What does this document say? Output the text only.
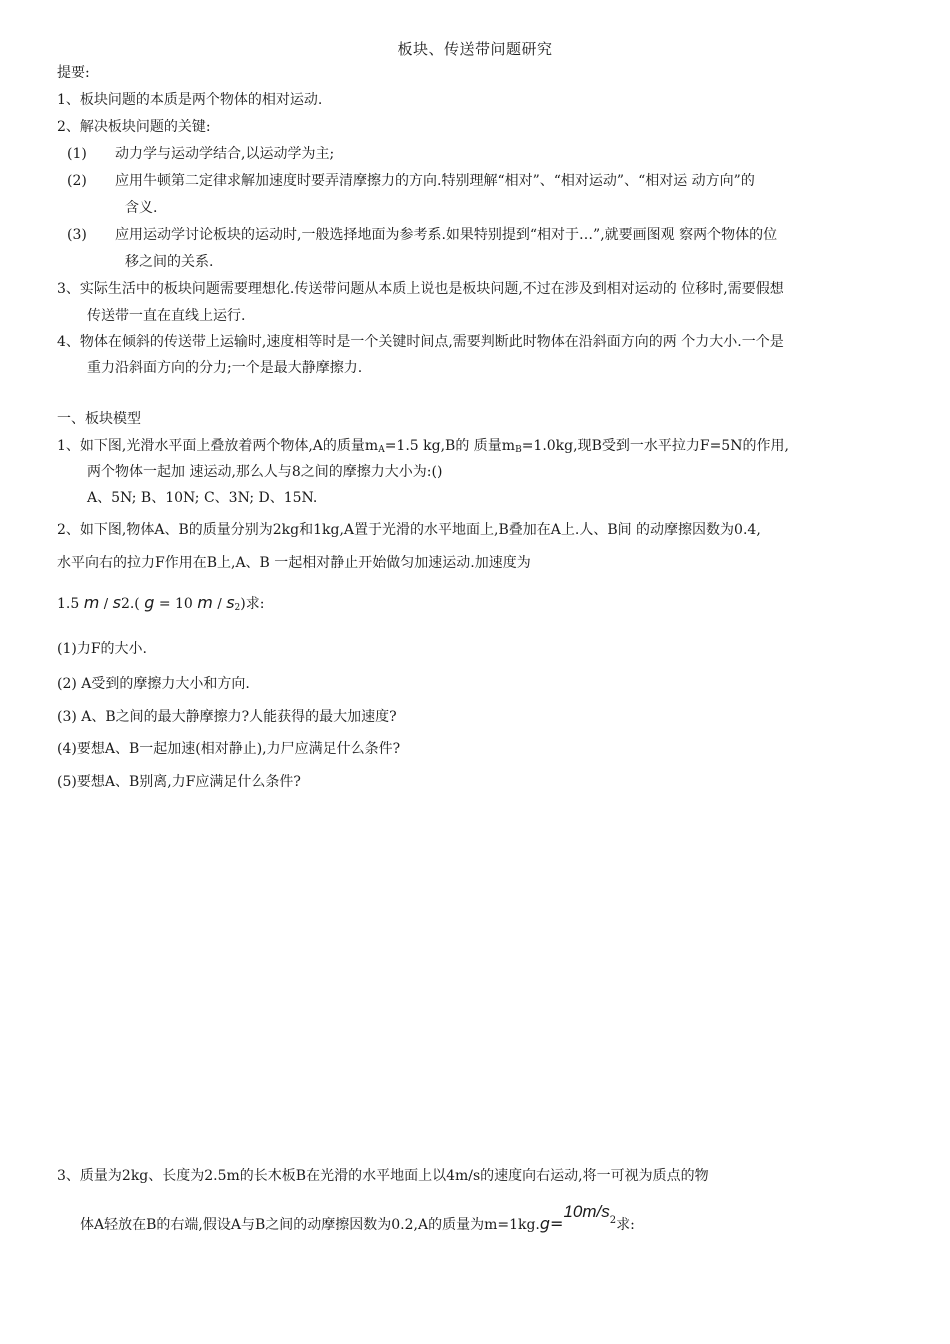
板块、传送带问题研究
提要:
1、板块问题的本质是两个物体的相对运动.
2、解决板块问题的关键:
(1) 动力学与运动学结合,以运动学为主;
(2) 应用牛顿第二定律求解加速度时要弄清摩擦力的方向.特别理解“相对”、“相对运动”、“相对运 动方向”的
含义.
(3) 应用运动学讨论板块的运动时,一般选择地面为参考系.如果特别提到“相对于…”,就要画图观 察两个物体的位
移之间的关系.
3、实际生活中的板块问题需要理想化.传送带问题从本质上说也是板块问题,不过在涉及到相对运动的 位移时,需要假想
传送带一直在直线上运行.
4、物体在倾斜的传送带上运输时,速度相等时是一个关键时间点,需要判断此时物体在沿斜面方向的两 个力大小.一个是
重力沿斜面方向的分力;一个是最大静摩擦力.
一、板块模型
1、如下图,光滑水平面上叠放着两个物体,A的质量$m_A=1.5$ kg,B的 质量$m_B=1.0kg$,现B受到一水平拉力F=5N的作用,
两个物体一起加 速运动,那么人与8之间的摩擦力大小为:()
A、5N; B、10N; C、3N; D、15N.
2、如下图,物体A、B的质量分别为2kg和1kg,A置于光滑的水平地面上,B叠加在A上.人、B间 的动摩擦因数为0.4,
水平向右的拉力F作用在B上,A、B 一起相对静止开始做匀加速运动.加速度为
1.5 m / s2.( g = 10 m / $s_2$)求:
(1)力F的大小.
(2) A受到的摩擦力大小和方向.
(3) A、B之间的最大静摩擦力?人能获得的最大加速度?
(4)要想A、B一起加速(相对静止),力尸应满足什么条件?
(5)要想A、B别离,力F应满足什么条件?
3、质量为2kg、长度为2.5m的长木板B在光滑的水平地面上以4m/s的速度向右运动,将一可视为质点的物
体A轻放在B的右端,假设A与B之间的动摩擦因数为0.2,A的质量为$m=1kg.g=10m/s^2$求:
